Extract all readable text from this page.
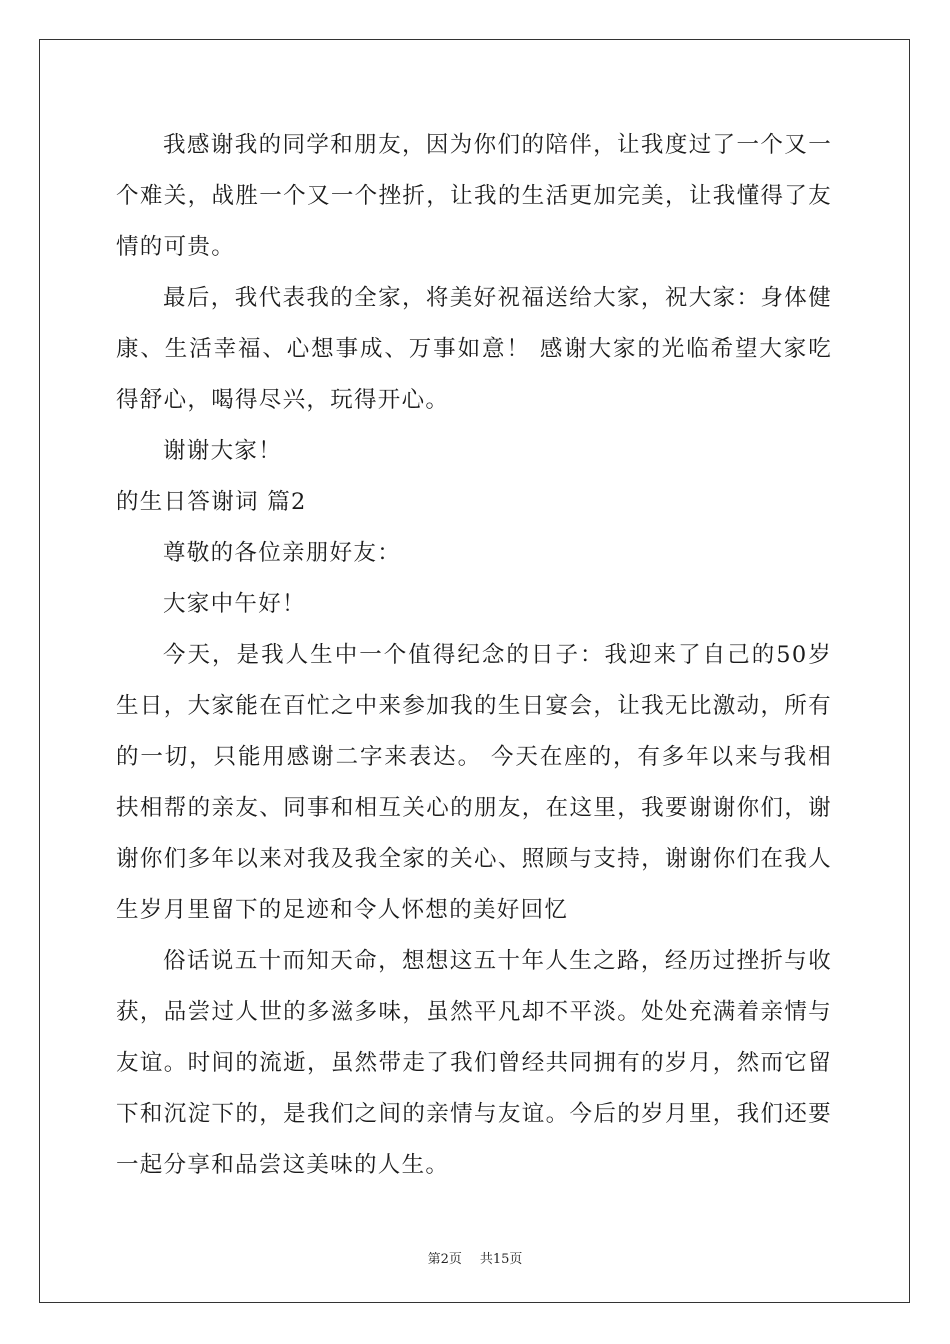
我感谢我的同学和朋友，因为你们的陪伴，让我度过了一个又一个难关，战胜一个又一个挫折，让我的生活更加完美，让我懂得了友情的可贵。

最后，我代表我的全家，将美好祝福送给大家，祝大家：身体健康、生活幸福、心想事成、万事如意！ 感谢大家的光临希望大家吃得舒心，喝得尽兴，玩得开心。

谢谢大家！

的生日答谢词 篇2

尊敬的各位亲朋好友：

大家中午好！

今天，是我人生中一个值得纪念的日子：我迎来了自己的50岁生日，大家能在百忙之中来参加我的生日宴会，让我无比激动，所有的一切，只能用感谢二字来表达。 今天在座的，有多年以来与我相扶相帮的亲友、同事和相互关心的朋友，在这里，我要谢谢你们，谢谢你们多年以来对我及我全家的关心、照顾与支持，谢谢你们在我人生岁月里留下的足迹和令人怀想的美好回忆

俗话说五十而知天命，想想这五十年人生之路，经历过挫折与收获，品尝过人世的多滋多味，虽然平凡却不平淡。处处充满着亲情与友谊。时间的流逝，虽然带走了我们曾经共同拥有的岁月，然而它留下和沉淀下的，是我们之间的亲情与友谊。今后的岁月里，我们还要一起分享和品尝这美味的人生。

第2页 共15页
